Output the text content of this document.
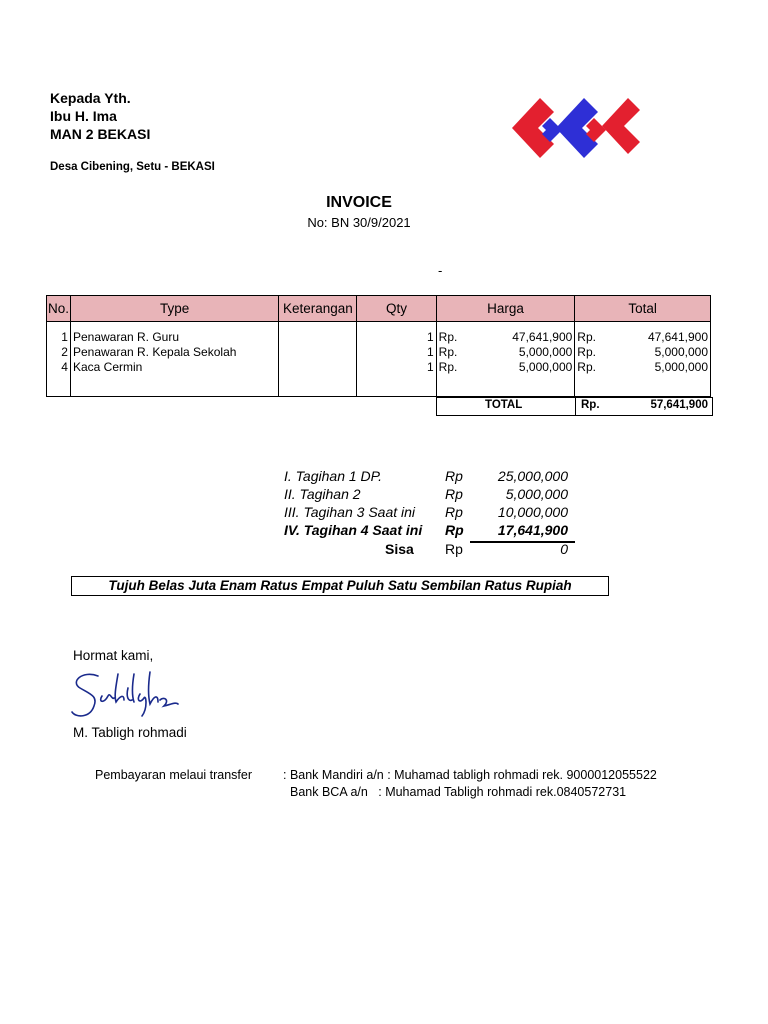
Kepada Yth.
Ibu H. Ima
MAN 2 BEKASI
Desa Cibening, Setu - BEKASI
INVOICE
No: BN 30/9/2021
-
No.	Type	Keterangan	Qty	Harga		Total	

1	Penawaran R. Guru		1	Rp.	47,641,900	Rp.	47,641,900
2	Penawaran R. Kepala Sekolah		1	Rp.	5,000,000	Rp.	5,000,000
4	Kaca Cermin		1	Rp.	5,000,000	Rp.	5,000,000

TOTAL	Rp.	57,641,900
I. Tagihan 1 DP.	Rp	25,000,000
II. Tagihan 2	Rp	5,000,000
III. Tagihan 3 Saat ini Rp	10,000,000
IV. Tagihan 4 Saat ini Rp 17,641,900
Sisa Rp	0
Tujuh Belas Juta Enam Ratus Empat Puluh Satu Sembilan Ratus Rupiah
Hormat kami,
M. Tabligh rohmadi
Pembayaran melaui transfer : Bank Mandiri a/n : Muhamad tabligh rohmadi rek. 9000012055522
Bank BCA a/n   : Muhamad Tabligh rohmadi rek.0840572731
